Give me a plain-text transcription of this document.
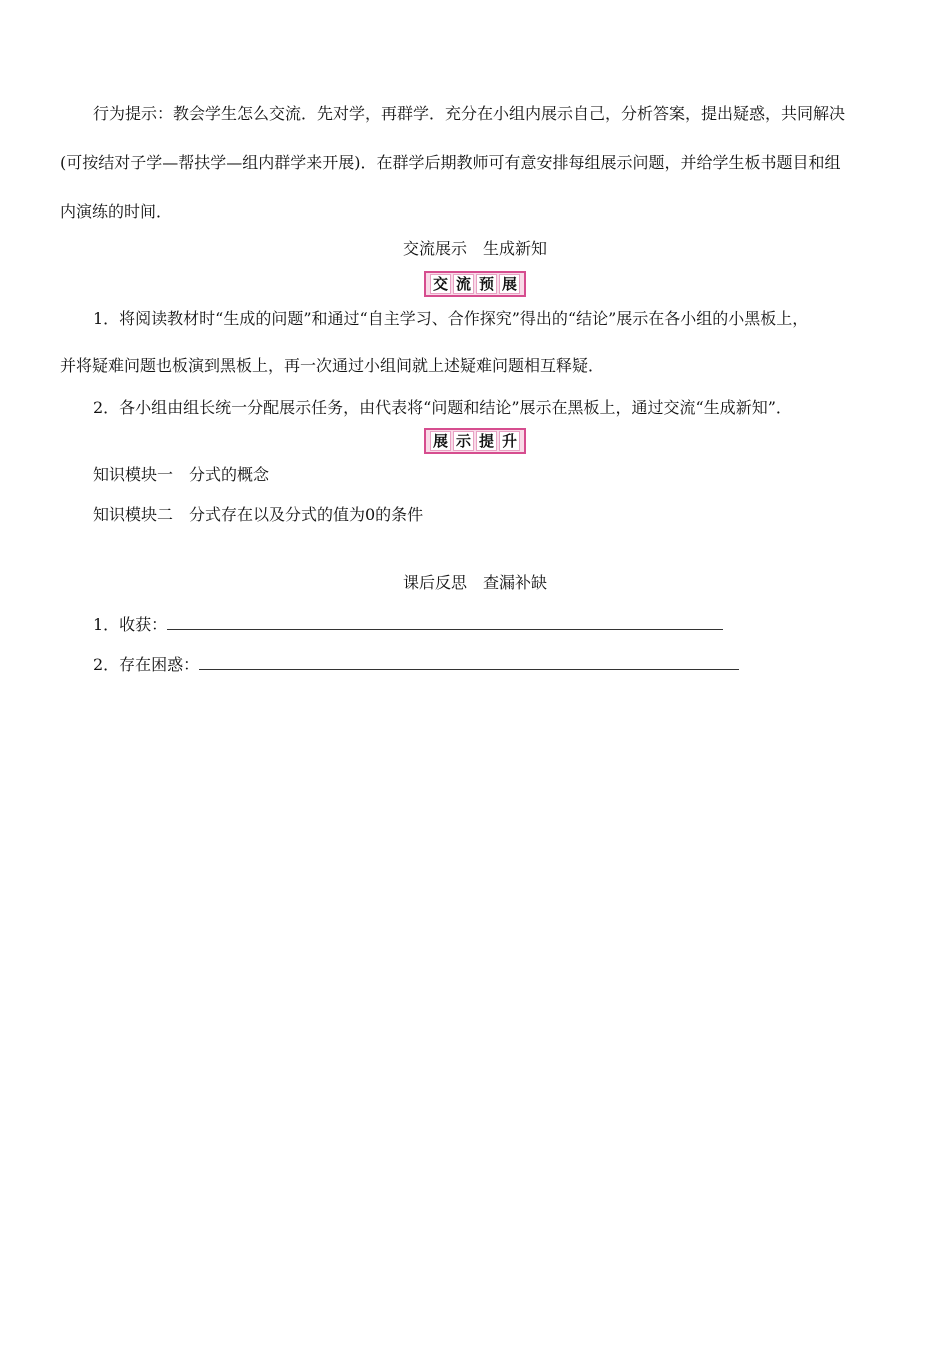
行为提示：教会学生怎么交流．先对学，再群学．充分在小组内展示自己，分析答案，提出疑惑，共同解决
(可按结对子学—帮扶学—组内群学来开展)．在群学后期教师可有意安排每组展示问题，并给学生板书题目和组
内演练的时间．
交流展示　生成新知
交 流 预 展
1．将阅读教材时“生成的问题”和通过“自主学习、合作探究”得出的“结论”展示在各小组的小黑板上，
并将疑难问题也板演到黑板上，再一次通过小组间就上述疑难问题相互释疑．
2．各小组由组长统一分配展示任务，由代表将“问题和结论”展示在黑板上，通过交流“生成新知”．
展 示 提 升
知识模块一　分式的概念
知识模块二　分式存在以及分式的值为0的条件
课后反思　查漏补缺
1．收获：
2．存在困惑：
